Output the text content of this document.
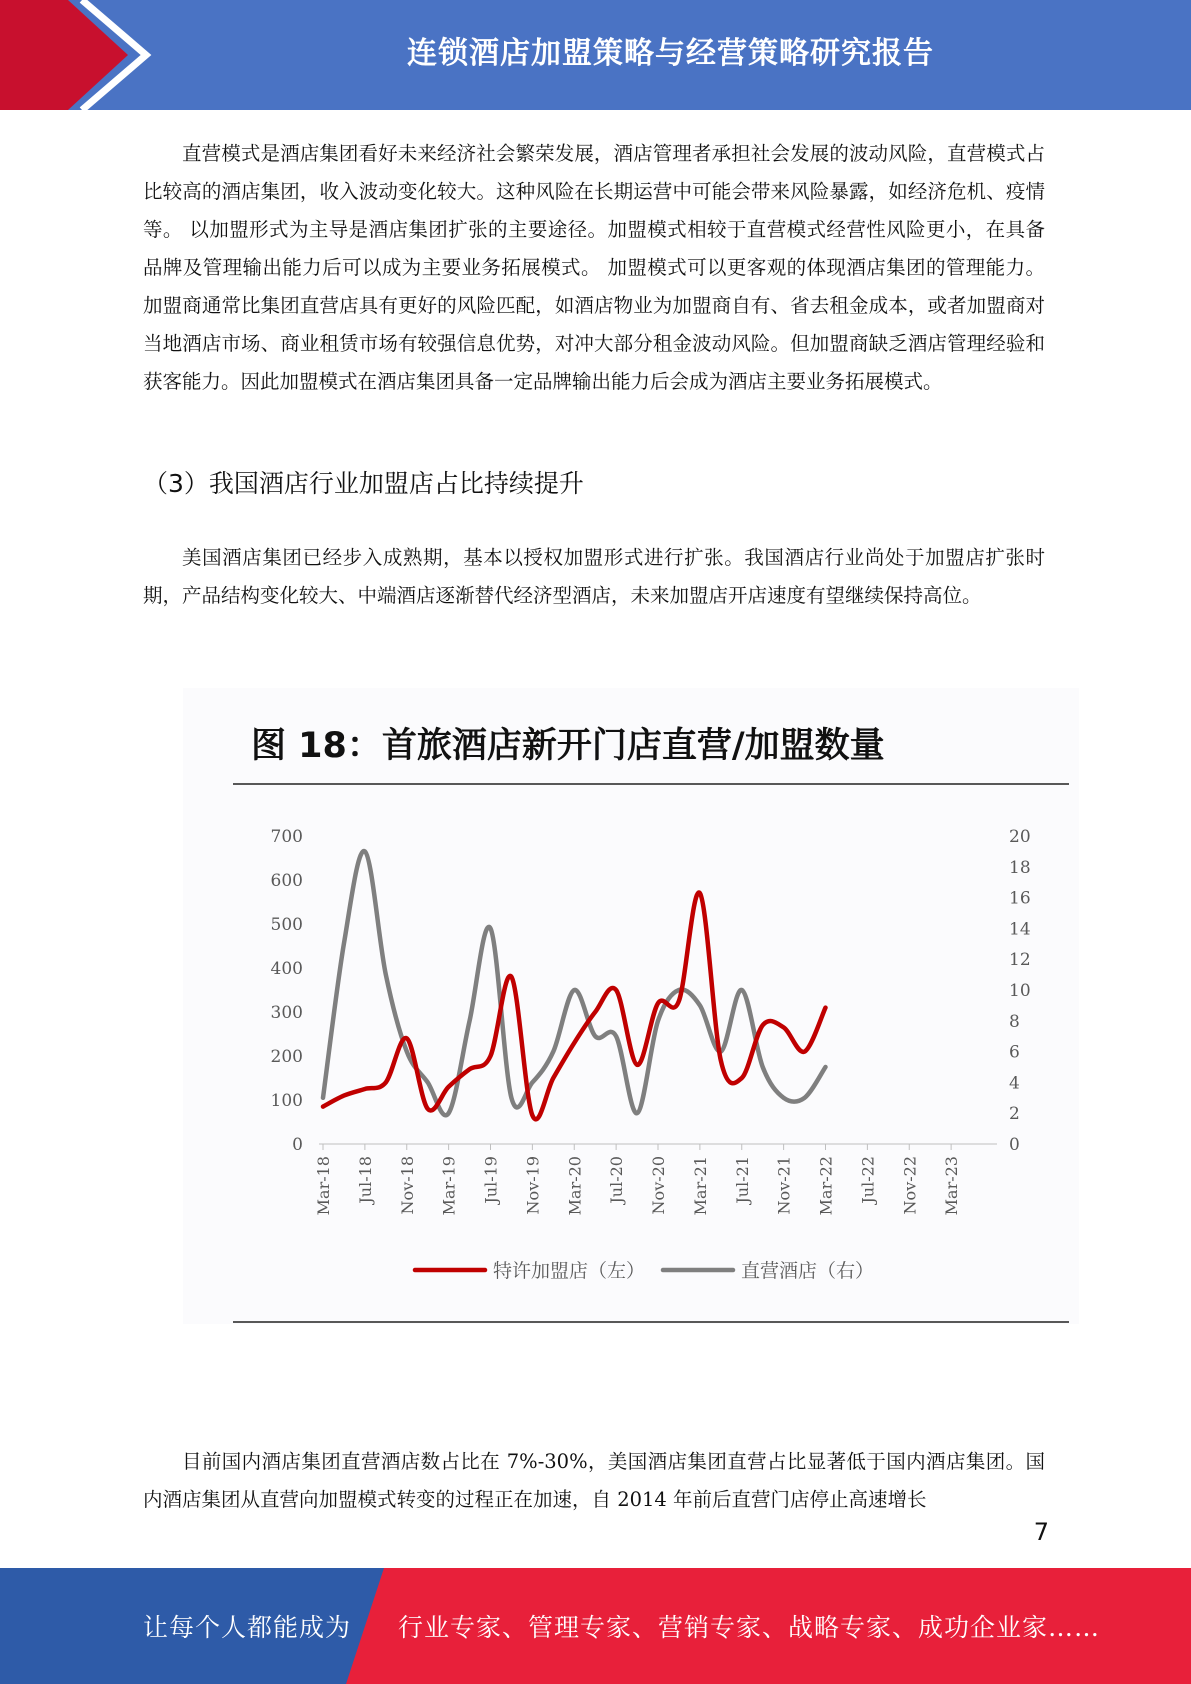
连锁酒店加盟策略与经营策略研究报告

直营模式是酒店集团看好未来经济社会繁荣发展，酒店管理者承担社会发展的波动风险，直营模式占比较高的酒店集团，收入波动变化较大。这种风险在长期运营中可能会带来风险暴露，如经济危机、疫情等。 以加盟形式为主导是酒店集团扩张的主要途径。加盟模式相较于直营模式经营性风险更小，在具备品牌及管理输出能力后可以成为主要业务拓展模式。 加盟模式可以更客观的体现酒店集团的管理能力。加盟商通常比集团直营店具有更好的风险匹配，如酒店物业为加盟商自有、省去租金成本，或者加盟商对当地酒店市场、商业租赁市场有较强信息优势，对冲大部分租金波动风险。但加盟商缺乏酒店管理经验和获客能力。因此加盟模式在酒店集团具备一定品牌输出能力后会成为酒店主要业务拓展模式。

（3）我国酒店行业加盟店占比持续提升

美国酒店集团已经步入成熟期，基本以授权加盟形式进行扩张。我国酒店行业尚处于加盟店扩张时期，产品结构变化较大、中端酒店逐渐替代经济型酒店，未来加盟店开店速度有望继续保持高位。

0
100
200
300
400
500
600
700
0
2
4
6
8
10
12
14
16
18
20
Mar-18 Jul-18 Nov-18 Mar-19 Jul-19 Nov-19 Mar-20 Jul-20 Nov-20 Mar-21 Jul-21 Nov-21 Mar-22 Jul-22 Nov-22 Mar-23
特许加盟店（左）	直营酒店（右）
图 18：首旅酒店新开门店直营/加盟数量

目前国内酒店集团直营酒店数占比在 7%-30%，美国酒店集团直营占比显著低于国内酒店集团。国内酒店集团从直营向加盟模式转变的过程正在加速，自 2014 年前后直营门店停止高速增长

7
让每个人都能成为 行业专家、管理专家、营销专家、战略专家、成功企业家……
